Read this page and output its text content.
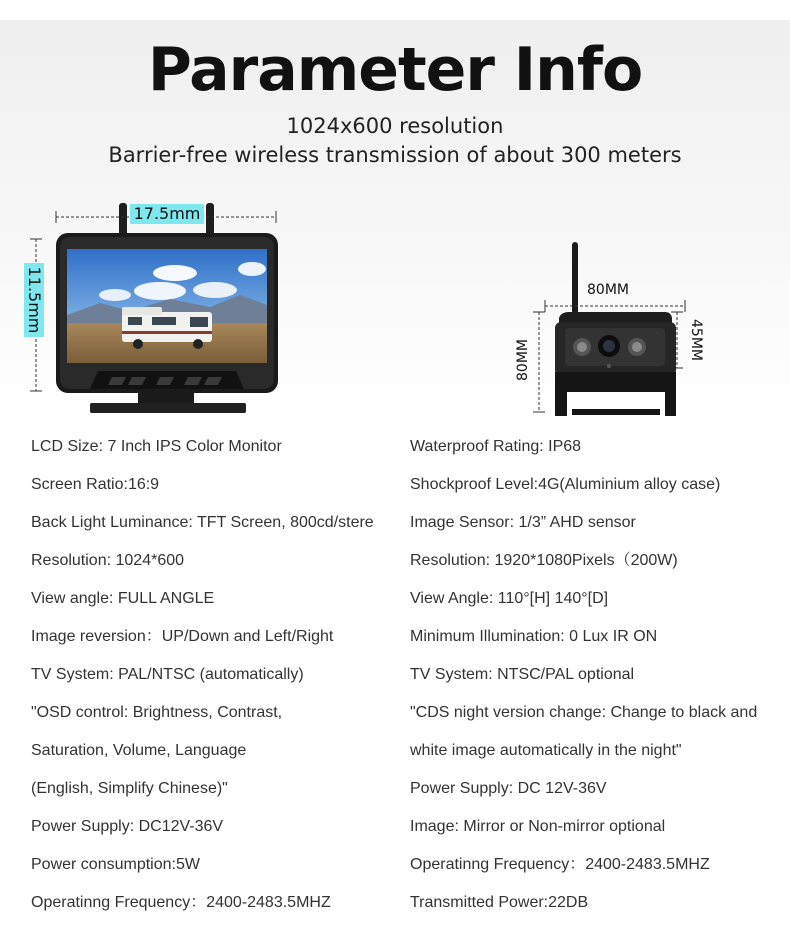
Parameter Info
1024x600 resolution
Barrier-free wireless transmission of about 300 meters
17.5mm
11.5mm	80MM
80MM	45MM
LCD Size: 7 Inch IPS Color Monitor
Screen Ratio:16:9
Back Light Luminance: TFT Screen, 800cd/stere
Resolution: 1024*600
View angle: FULL ANGLE
Image reversion：UP/Down and Left/Right
TV System: PAL/NTSC (automatically)
"OSD control: Brightness, Contrast,
Saturation, Volume, Language
(English, Simplify Chinese)"
Power Supply: DC12V-36V
Power consumption:5W
Operatinng Frequency：2400-2483.5MHZ
Waterproof Rating: IP68
Shockproof Level:4G(Aluminium alloy case)
Image Sensor: 1/3” AHD sensor
Resolution: 1920*1080Pixels（200W)
View Angle: 110°[H] 140°[D]
Minimum Illumination: 0 Lux IR ON
TV System: NTSC/PAL optional
"CDS night version change: Change to black and
white image automatically in the night"
Power Supply: DC 12V-36V
Image: Mirror or Non-mirror optional
Operatinng Frequency：2400-2483.5MHZ
Transmitted Power:22DB
